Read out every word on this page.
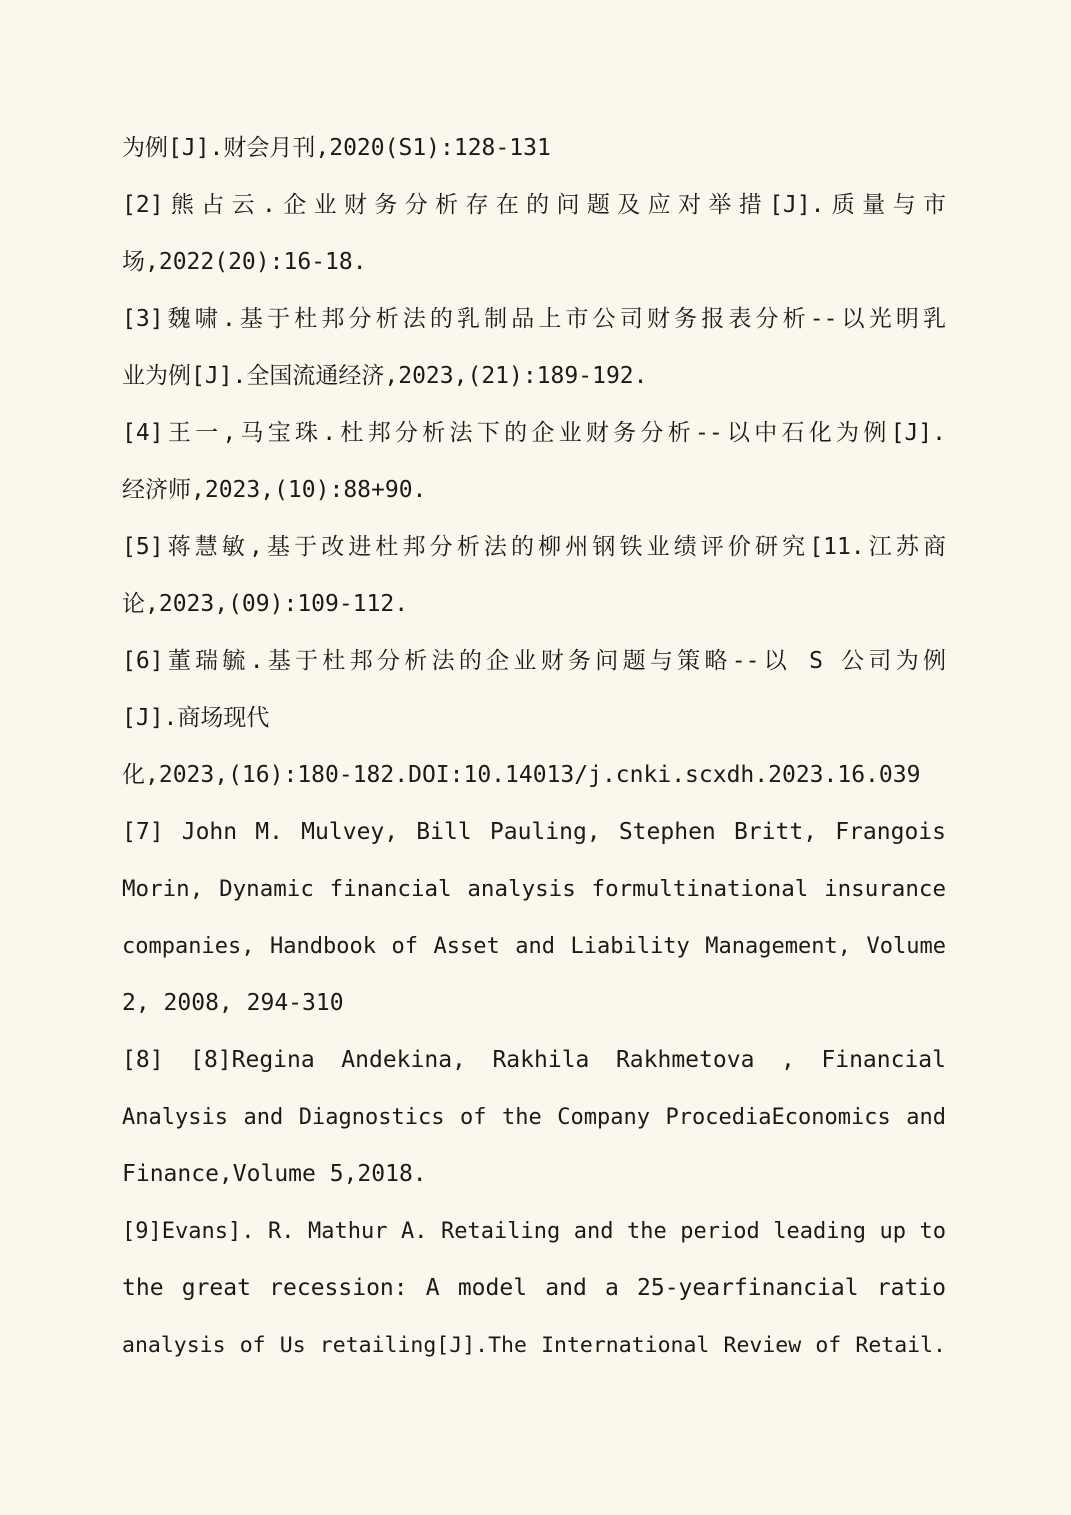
为例[J].财会月刊,2020(S1):128-131
[2]熊占云.企业财务分析存在的问题及应对举措[J].质量与市
场,2022(20):16-18.
[3]魏啸.基于杜邦分析法的乳制品上市公司财务报表分析--以光明乳
业为例[J].全国流通经济,2023,(21):189-192.
[4]王一,马宝珠.杜邦分析法下的企业财务分析--以中石化为例[J].
经济师,2023,(10):88+90.
[5]蒋慧敏,基于改进杜邦分析法的柳州钢铁业绩评价研究[11.江苏商
论,2023,(09):109-112.
[6]董瑞毓.基于杜邦分析法的企业财务问题与策略--以 S 公司为例
[J].商场现代
化,2023,(16):180-182.DOI:10.14013/j.cnki.scxdh.2023.16.039
[7] John M. Mulvey, Bill Pauling, Stephen Britt, Frangois
Morin, Dynamic financial analysis formultinational insurance
companies, Handbook of Asset and Liability Management, Volume
2, 2008, 294-310
[8] [8]Regina Andekina, Rakhila Rakhmetova , Financial
Analysis and Diagnostics of the Company ProcediaEconomics and
Finance,Volume 5,2018.
[9]Evans]. R. Mathur A. Retailing and the period leading up to
the great recession: A model and a 25-yearfinancial ratio
analysis of Us retailing[J].The International Review of Retail.
